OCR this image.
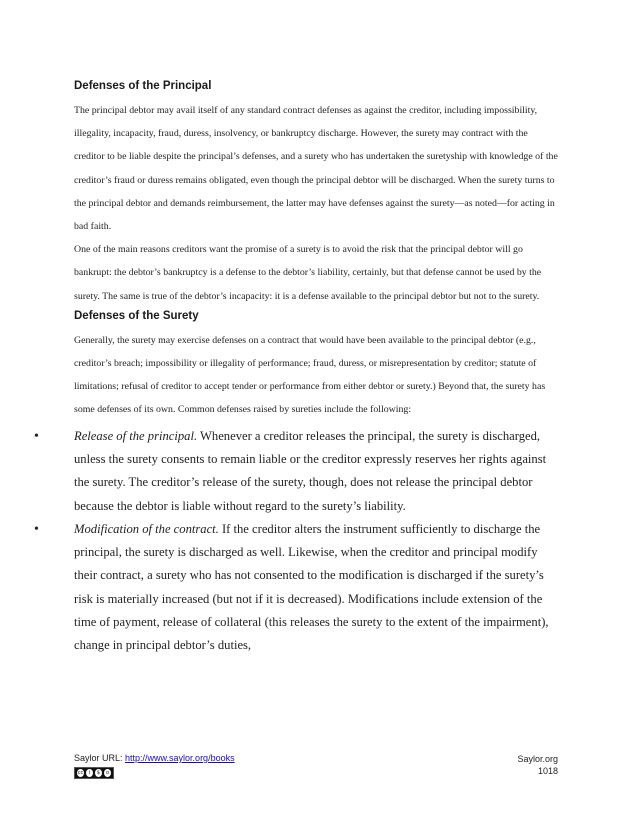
Defenses of the Principal

The principal debtor may avail itself of any standard contract defenses as against the creditor, including impossibility, illegality, incapacity, fraud, duress, insolvency, or bankruptcy discharge. However, the surety may contract with the creditor to be liable despite the principal’s defenses, and a surety who has undertaken the suretyship with knowledge of the creditor’s fraud or duress remains obligated, even though the principal debtor will be discharged. When the surety turns to the principal debtor and demands reimbursement, the latter may have defenses against the surety—as noted—for acting in bad faith.

One of the main reasons creditors want the promise of a surety is to avoid the risk that the principal debtor will go bankrupt: the debtor’s bankruptcy is a defense to the debtor’s liability, certainly, but that defense cannot be used by the surety. The same is true of the debtor’s incapacity: it is a defense available to the principal debtor but not to the surety.

Defenses of the Surety

Generally, the surety may exercise defenses on a contract that would have been available to the principal debtor (e.g., creditor’s breach; impossibility or illegality of performance; fraud, duress, or misrepresentation by creditor; statute of limitations; refusal of creditor to accept tender or performance from either debtor or surety.) Beyond that, the surety has some defenses of its own. Common defenses raised by sureties include the following:

•	Release of the principal. Whenever a creditor releases the principal, the surety is discharged, unless the surety consents to remain liable or the creditor expressly reserves her rights against the surety. The creditor’s release of the surety, though, does not release the principal debtor because the debtor is liable without regard to the surety’s liability.
•	Modification of the contract. If the creditor alters the instrument sufficiently to discharge the principal, the surety is discharged as well. Likewise, when the creditor and principal modify their contract, a surety who has not consented to the modification is discharged if the surety’s risk is materially increased (but not if it is decreased). Modifications include extension of the time of payment, release of collateral (this releases the surety to the extent of the impairment), change in principal debtor’s duties,
Saylor URL: http://www.saylor.org/books
cc	i	$	o
Saylor.org
1018
